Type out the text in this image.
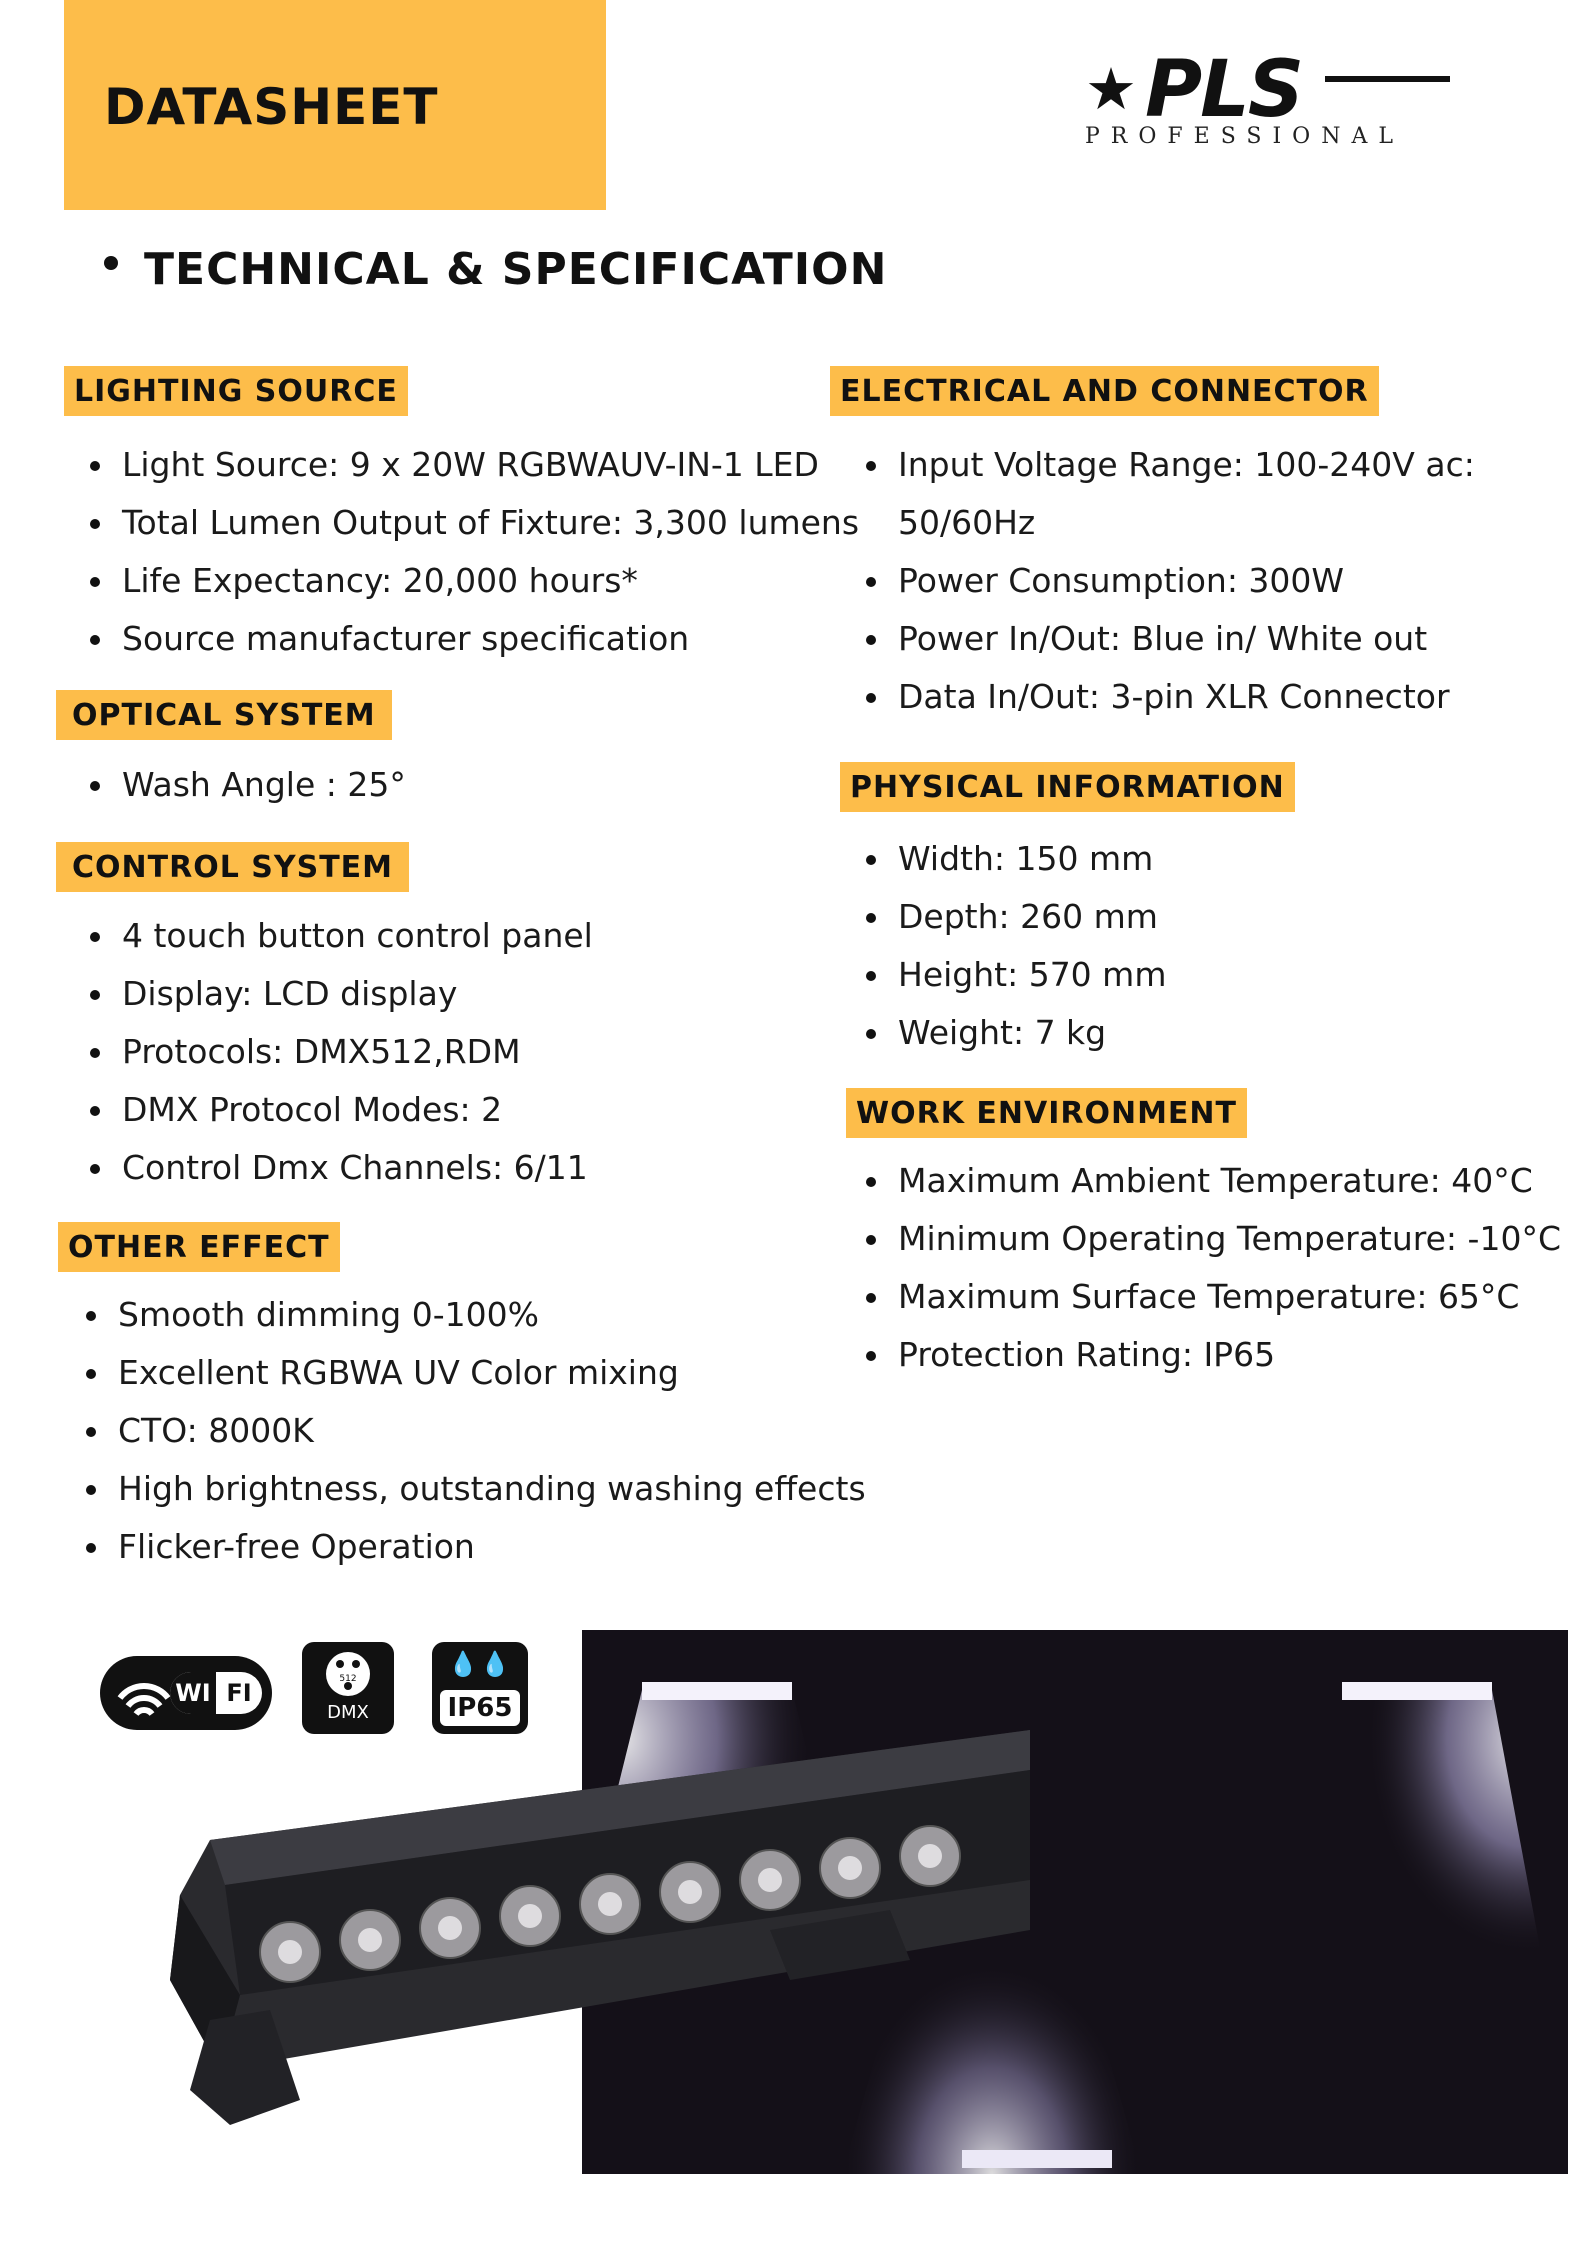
DATASHEET	★ PLS
PROFESSIONAL
TECHNICAL & SPECIFICATION
LIGHTING SOURCE
Light Source: 9 x 20W RGBWAUV-IN-1 LED
Total Lumen Output of Fixture: 3,300 lumens
Life Expectancy: 20,000 hours*
Source manufacturer specification
OPTICAL SYSTEM
Wash Angle : 25°
CONTROL SYSTEM
4 touch button control panel
Display: LCD display
Protocols: DMX512,RDM
DMX Protocol Modes: 2
Control Dmx Channels: 6/11
OTHER EFFECT
Smooth dimming 0-100%
Excellent RGBWA UV Color mixing
CTO: 8000K
High brightness, outstanding washing effects
Flicker-free Operation
ELECTRICAL AND CONNECTOR
Input Voltage Range: 100-240V ac:
50/60Hz
Power Consumption: 300W
Power In/Out: Blue in/ White out
Data In/Out: 3-pin XLR Connector
PHYSICAL INFORMATION
Width: 150 mm
Depth: 260 mm
Height: 570 mm
Weight: 7 kg
WORK ENVIRONMENT
Maximum Ambient Temperature: 40°C
Minimum Operating Temperature: -10°C
Maximum Surface Temperature: 65°C
Protection Rating: IP65
WI FI	512
DMX
💧💧
IP65
